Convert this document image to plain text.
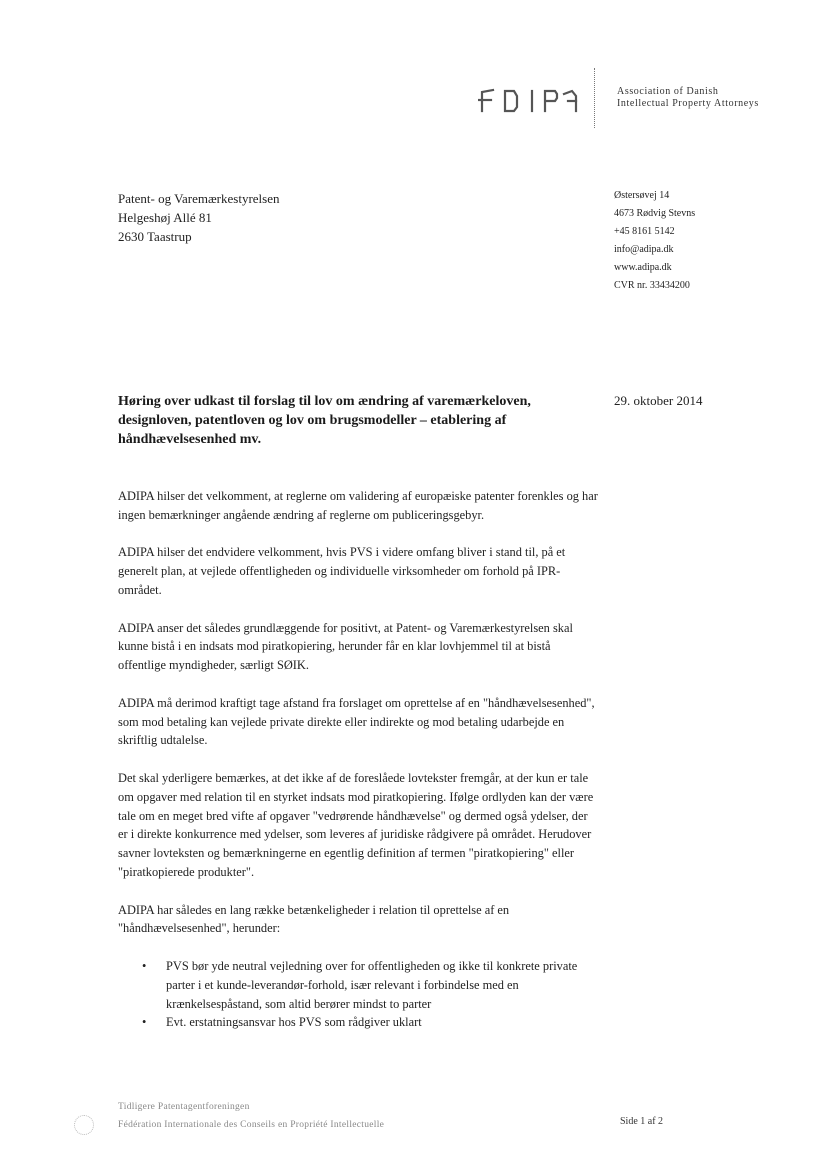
Association of Danish
Intellectual Property Attorneys
Patent- og Varemærkestyrelsen
Helgeshøj Allé 81
2630 Taastrup
Østersøvej 14
4673 Rødvig Stevns
+45 8161 5142
info@adipa.dk
www.adipa.dk
CVR nr. 33434200
Høring over udkast til forslag til lov om ændring af varemærkeloven, designloven, patentloven og lov om brugsmodeller – etablering af håndhævelsesenhed mv.
29. oktober 2014

ADIPA hilser det velkomment, at reglerne om validering af europæiske patenter forenkles og har ingen bemærkninger angående ændring af reglerne om publiceringsgebyr.

ADIPA hilser det endvidere velkomment, hvis PVS i videre omfang bliver i stand til, på et generelt plan, at vejlede offentligheden og individuelle virksomheder om forhold på IPR-området.

ADIPA anser det således grundlæggende for positivt, at Patent- og Varemærkestyrelsen skal kunne bistå i en indsats mod piratkopiering, herunder får en klar lovhjemmel til at bistå offentlige myndigheder, særligt SØIK.

ADIPA må derimod kraftigt tage afstand fra forslaget om oprettelse af en "håndhævelsesenhed", som mod betaling kan vejlede private direkte eller indirekte og mod betaling udarbejde en skriftlig udtalelse.

Det skal yderligere bemærkes, at det ikke af de foreslåede lovtekster fremgår, at der kun er tale om opgaver med relation til en styrket indsats mod piratkopiering. Ifølge ordlyden kan der være tale om en meget bred vifte af opgaver "vedrørende håndhævelse" og dermed også ydelser, der er i direkte konkurrence med ydelser, som leveres af juridiske rådgivere på området. Herudover savner lovteksten og bemærkningerne en egentlig definition af termen "piratkopiering" eller "piratkopierede produkter".

ADIPA har således en lang række betænkeligheder i relation til oprettelse af en "håndhævelsesenhed", herunder:

• PVS bør yde neutral vejledning over for offentligheden og ikke til konkrete private parter i et kunde-leverandør-forhold, især relevant i forbindelse med en krænkelsespåstand, som altid berører mindst to parter
• Evt. erstatningsansvar hos PVS som rådgiver uklart
Tidligere Patentagentforeningen
Fédération Internationale des Conseils en Propriété Intellectuelle	Side 1 af 2
